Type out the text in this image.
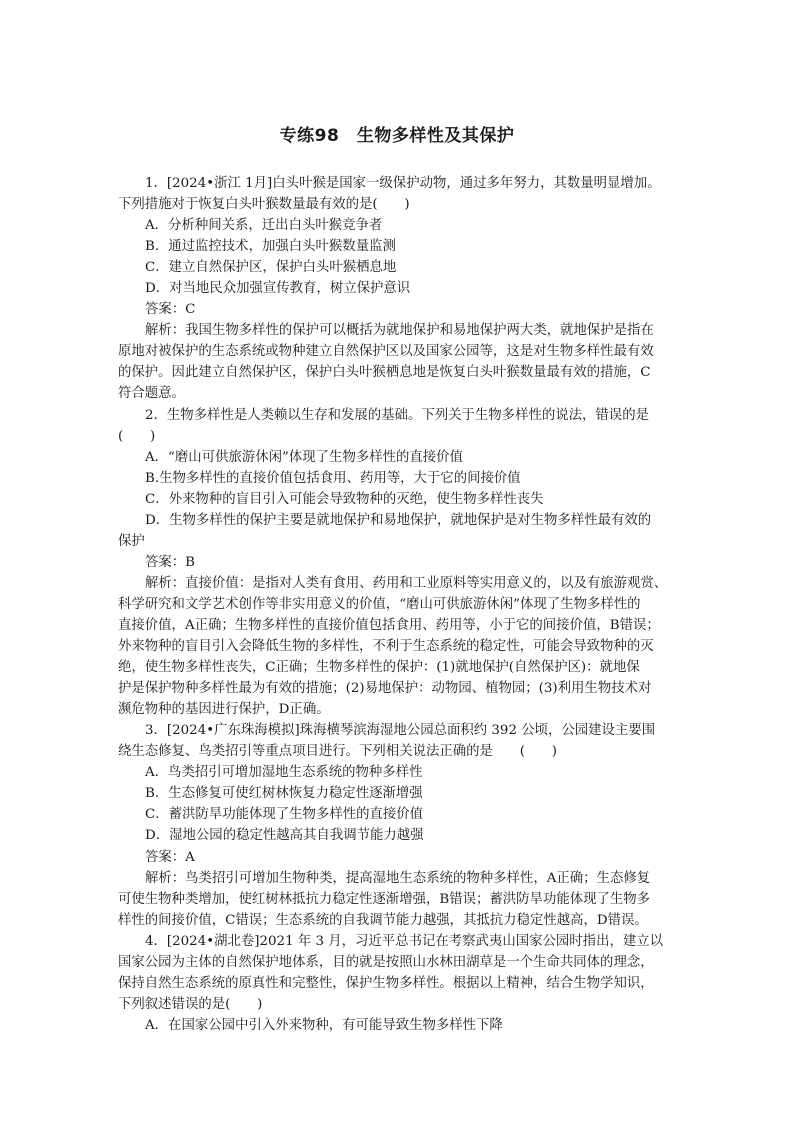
专练98　生物多样性及其保护
1．[2024•浙江 1月]白头叶猴是国家一级保护动物，通过多年努力，其数量明显增加。
下列措施对于恢复白头叶猴数量最有效的是(　　)
A．分析种间关系，迁出白头叶猴竞争者
B．通过监控技术，加强白头叶猴数量监测
C．建立自然保护区，保护白头叶猴栖息地
D．对当地民众加强宣传教育，树立保护意识
答案：C
解析：我国生物多样性的保护可以概括为就地保护和易地保护两大类，就地保护是指在
原地对被保护的生态系统或物种建立自然保护区以及国家公园等，这是对生物多样性最有效
的保护。因此建立自然保护区，保护白头叶猴栖息地是恢复白头叶猴数量最有效的措施，C
符合题意。
2．生物多样性是人类赖以生存和发展的基础。下列关于生物多样性的说法，错误的是
(　　)
A．“磨山可供旅游休闲”体现了生物多样性的直接价值
B.生物多样性的直接价值包括食用、药用等，大于它的间接价值
C．外来物种的盲目引入可能会导致物种的灭绝，使生物多样性丧失
D．生物多样性的保护主要是就地保护和易地保护，就地保护是对生物多样性最有效的
保护
答案：B
解析：直接价值：是指对人类有食用、药用和工业原料等实用意义的，以及有旅游观赏、
科学研究和文学艺术创作等非实用意义的价值，“磨山可供旅游休闲”体现了生物多样性的
直接价值，A正确；生物多样性的直接价值包括食用、药用等，小于它的间接价值，B错误；
外来物种的盲目引入会降低生物的多样性，不利于生态系统的稳定性，可能会导致物种的灭
绝，使生物多样性丧失，C正确；生物多样性的保护：(1)就地保护(自然保护区)：就地保
护是保护物种多样性最为有效的措施；(2)易地保护：动物园、植物园；(3)利用生物技术对
濒危物种的基因进行保护，D正确。
3．[2024•广东珠海模拟]珠海横琴滨海湿地公园总面积约 392 公顷，公园建设主要围
绕生态修复、鸟类招引等重点项目进行。下列相关说法正确的是　　(　　)
A．鸟类招引可增加湿地生态系统的物种多样性
B．生态修复可使红树林恢复力稳定性逐渐增强
C．蓄洪防旱功能体现了生物多样性的直接价值
D．湿地公园的稳定性越高其自我调节能力越强
答案：A
解析：鸟类招引可增加生物种类，提高湿地生态系统的物种多样性，A正确；生态修复
可使生物种类增加，使红树林抵抗力稳定性逐渐增强，B错误；蓄洪防旱功能体现了生物多
样性的间接价值，C错误；生态系统的自我调节能力越强，其抵抗力稳定性越高，D错误。
4．[2024•湖北卷]2021 年 3 月，习近平总书记在考察武夷山国家公园时指出，建立以
国家公园为主体的自然保护地体系，目的就是按照山水林田湖草是一个生命共同体的理念，
保持自然生态系统的原真性和完整性，保护生物多样性。根据以上精神，结合生物学知识，
下列叙述错误的是(　　)
A．在国家公园中引入外来物种，有可能导致生物多样性下降
